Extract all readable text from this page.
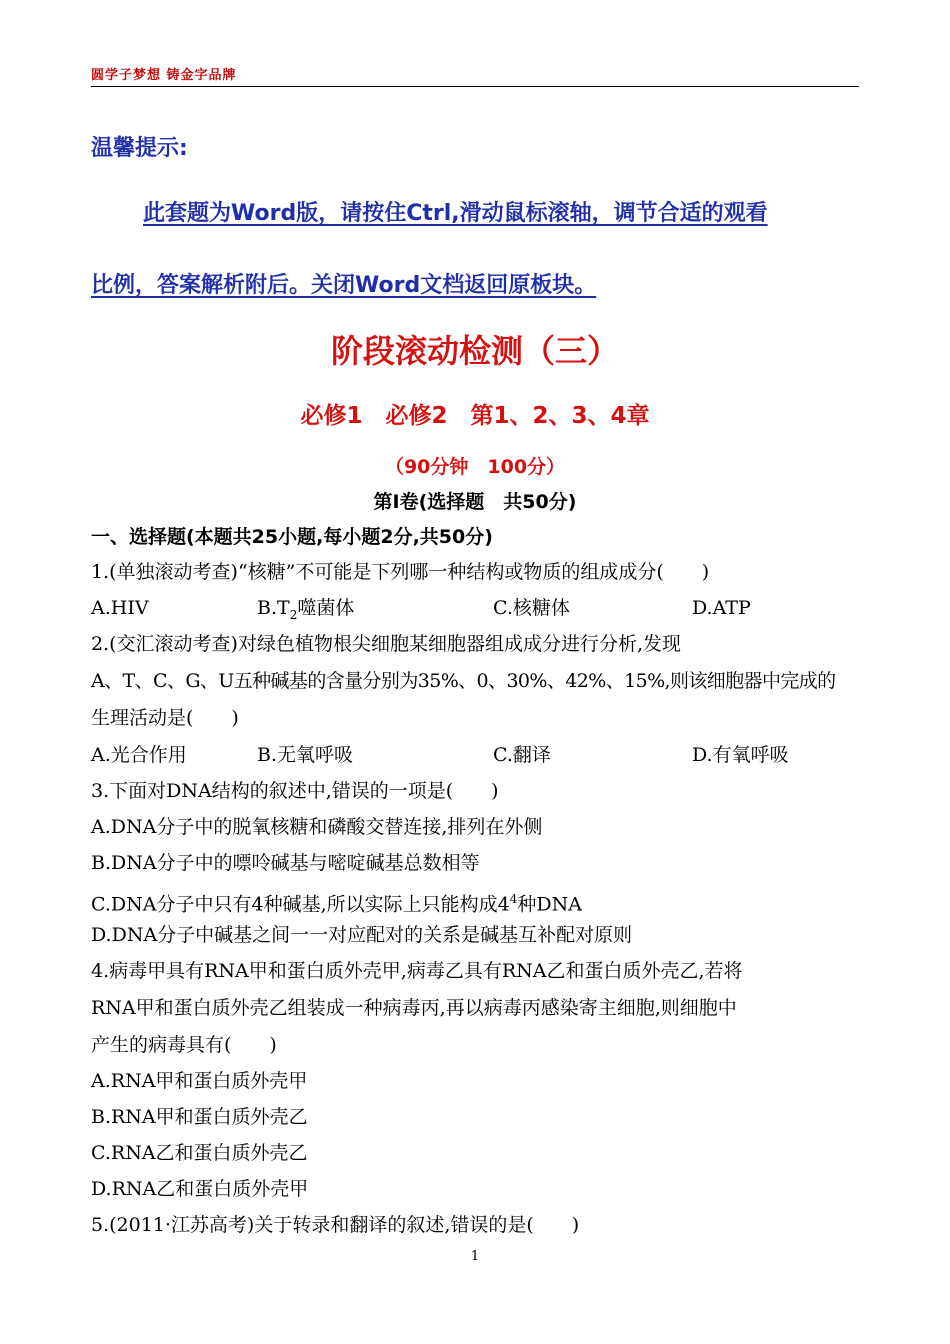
圆学子梦想 铸金字品牌
温馨提示:
此套题为Word版，请按住Ctrl,滑动鼠标滚轴，调节合适的观看
比例，答案解析附后。关闭Word文档返回原板块。
阶段滚动检测（三）
必修1　必修2　第1、2、3、4章
（90分钟　100分）
第Ⅰ卷(选择题　共50分)
一、选择题(本题共25小题,每小题2分,共50分)
1.(单独滚动考查)“核糖”不可能是下列哪一种结构或物质的组成成分(　　)
A.HIV	$B.T_2$噬菌体	C.核糖体	D.ATP
2.(交汇滚动考查)对绿色植物根尖细胞某细胞器组成成分进行分析,发现
A、T、C、G、U五种碱基的含量分别为35%、0、30%、42%、15%,则该细胞器中完成的
生理活动是(　　)
A.光合作用	B.无氧呼吸	C.翻译	D.有氧呼吸
3.下面对DNA结构的叙述中,错误的一项是(　　)
A.DNA分子中的脱氧核糖和磷酸交替连接,排列在外侧
B.DNA分子中的嘌呤碱基与嘧啶碱基总数相等
C.DNA分子中只有4种碱基,所以实际上只能构成$4^4$种DNA
D.DNA分子中碱基之间一一对应配对的关系是碱基互补配对原则
4.病毒甲具有RNA甲和蛋白质外壳甲,病毒乙具有RNA乙和蛋白质外壳乙,若将
RNA甲和蛋白质外壳乙组装成一种病毒丙,再以病毒丙感染寄主细胞,则细胞中
产生的病毒具有(　　)
A.RNA甲和蛋白质外壳甲
B.RNA甲和蛋白质外壳乙
C.RNA乙和蛋白质外壳乙
D.RNA乙和蛋白质外壳甲
5.(2011·江苏高考)关于转录和翻译的叙述,错误的是(　　)
1
